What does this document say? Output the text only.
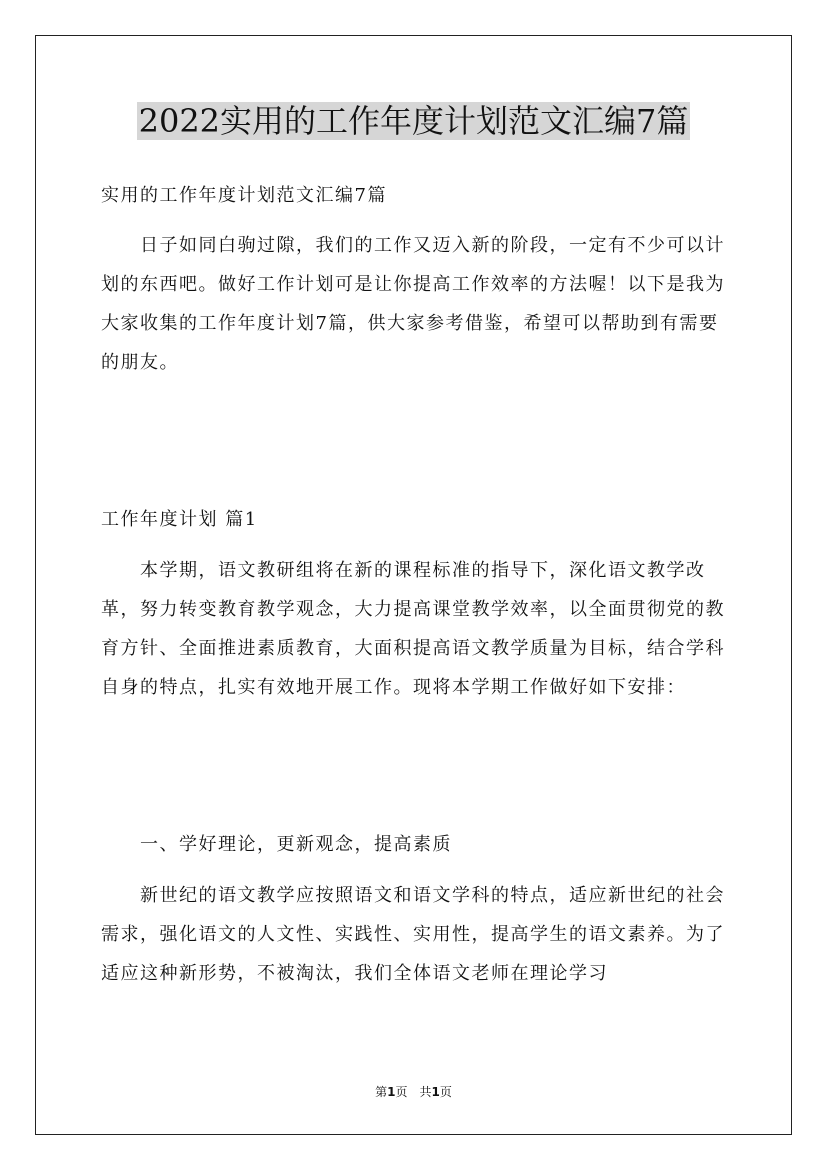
2022实用的工作年度计划范文汇编7篇

实用的工作年度计划范文汇编7篇

日子如同白驹过隙，我们的工作又迈入新的阶段，一定有不少可以计划的东西吧。做好工作计划可是让你提高工作效率的方法喔！以下是我为大家收集的工作年度计划7篇，供大家参考借鉴，希望可以帮助到有需要的朋友。

工作年度计划 篇1

本学期，语文教研组将在新的课程标准的指导下，深化语文教学改革，努力转变教育教学观念，大力提高课堂教学效率，以全面贯彻党的教育方针、全面推进素质教育，大面积提高语文教学质量为目标，结合学科自身的特点，扎实有效地开展工作。现将本学期工作做好如下安排：

一、学好理论，更新观念，提高素质

新世纪的语文教学应按照语文和语文学科的特点，适应新世纪的社会需求，强化语文的人文性、实践性、实用性，提高学生的语文素养。为了适应这种新形势，不被淘汰，我们全体语文老师在理论学习

第1页 共1页
